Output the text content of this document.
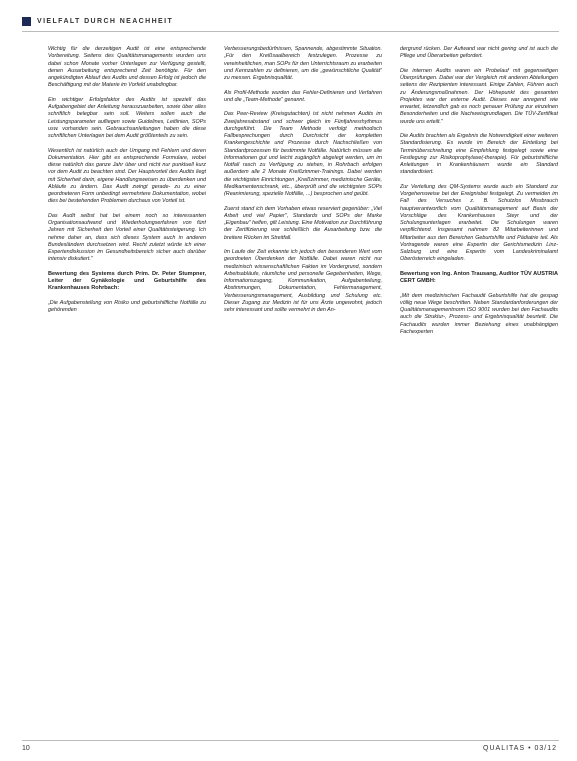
VIELFALT DURCH NEACHHEIT

Wichtig für die derzeitigen Audit ist eine entsprechende Vorbereitung. Seitens des Qualitätsmanagements wurden uns dabei schon Monate vorher Unterlagen zur Verfügung gestellt, denen Ausarbeitung entsprechend Zeit benötigte. Für den angekündigten Ablauf des Audits und dessen Erfolg ist jedoch die Beschäftigung mit der Materie im Vorfeld unabdingbar.

Ein wichtiger Erfolgsfaktor des Audits ist speziell das Aufgabengebiet der Anleitung herauszuarbeiten, sowie über alles schriftlich belegbar sein soll. Weiters sollen auch die Leistungsparameter aufliegen sowie Guidelines, Leitlinien, SOPs usw. vorhanden sein. Gebrauchsanleitungen haben die diese schriftlichen Unterlagen bei dem Audit größtenteils zu sein.

Wesentlich ist natürlich auch der Umgang mit Fehlern und deren Dokumentation. Hier gibt es entsprechende Formulare, wobei diese natürlich das ganze Jahr über und nicht nur punktuell kurz vor dem Audit zu beachten sind. Der Hauptvorteil des Audits liegt mit Sicherheit darin, eigene Handlungsweisen zu überdenken und Abläufe zu ändern. Das Audit zwingt gerade- zu zu einer geordneteren Form unbedingt vermehrtere Dokumentation, wobei dies bei bestehenden Problemen durchaus von Vorteil ist.

Das Audit selbst hat bei einem noch so interessanten Organisationsaufwand und Wiederholungserfahren von fünf Jahren mit Sicherheit den Vorteil einer Qualitätssteigerung. Ich nehme daher an, dass sich dieses System auch in anderen Bundesländern durchsetzen wird. Recht zuletzt würde ich einer Expertendiskussion im Gesundheitsbereich sicher auch darüber intensiv diskutiert."

Bewertung des Systems durch Prim. Dr. Peter Stumpner, Leiter der Gynäkologie und Geburtshilfe des Krankenhauses Rohrbach:

„Die Aufgabenstellung von Risiko und geburtshilfliche Notfälle zu gehörenden

Verbesserungsbedürfnissen, Spannende, abgestimmte Situation. „Für den Kreißsaalbereich festzulegen. Prozesse zu vereinheitlichen, man SOPs für den Unterrichtsraum zu erarbeiten und Kennzahlen zu definieren, um die „gewünschtliche Qualität" zu messen. Ergebnisqualität.

Als Profil-Methode wurden das Fehler-Definieren und Verfahren und die „Team-Methode" genannt.

Das Peer-Review (Kreisgutachten) ist nicht nehmen Audits im Zweijahresabstand und schwer gleich im Fünfjahresrhythmus durchgeführt. Die Team Methode verfolgt methodisch Fallbesprechungen durch Durchsicht der kompletten Krankengeschichte und Prozesse durch Nachschließen von Standardprozessen für bestimmte Notfälle. Natürlich müssen alle Informationen gut und leicht zugänglich abgelegt werden, um im Notfall rasch zu Verfügung zu stehen, in Rohrbach erfolgen außerdem alle 2 Monate Kreißzimmer-Trainings. Dabei werden die wichtigsten Einrichtungen „Kreißzimmer, medizinische Geräte, Medikamentenschrank, etc., überprüft und die wichtigsten SOPs (Reanimierung, spezielle Notfälle, ...) besprochen und geübt.

Zuerst stand ich dem Vorhaben etwas reserviert gegenüber: „Viel Arbeit und viel Papier", Standards und SOPs der Marke „Eigenbau" helfen, gilt Leistung. Eine Motivation zur Durchführung der Zertifizierung war schließlich die Ausarbeitung bzw. die breitere Rücken im Streitfall.

Im Laufe der Zeit erkannte ich jedoch den besonderen Wert vom geordneten Überdenken der Notfälle. Dabei waren nicht nur medizinisch wissenschaftlichen Fakten im Vordergrund, sondern Arbeitsabläufe, räumliche und personelle Gegebenheiten, Wege, Informationszugang, Kommunikation, Aufgabenteilung, Abstimmungen, Dokumentation, Fehlermanagement, Verbesserungsmanagement, Ausbildung und Schulung etc. Dieser Zugang zur Medizin ist für uns Ärzte ungewohnt, jedoch sehr interessant und sollte vermehrt in den An-

dergrund rücken. Der Aufwand war nicht gering und ist auch die Pflege und Überarbeiten gefordert.

Die internen Audits waren ein Probelauf mit gegenseitigen Überprüfungen. Dabei war der Vergleich mit anderen Abteilungen seitens der Rezipienten interessant. Einige Zahlen, Führen auch zu Änderungsmaßnahmen. Der Höhepunkt des gesamten Projektes war der externe Audit. Dieses war anregend wie erwartet, letzendlich gab es noch genauer Prüfung zur einzelnen Besonderheiten und die Nachweisgrundlagen. Die TÜV-Zertifikat wurde uns erteilt."

Die Audits brachten als Ergebnis die Notwendigkeit einer weiteren Standardisierung. Es wurde im Bereich der Einteilung bei Terminüberschreitung eine Empfehlung festgelegt sowie eine Festlegung zur Risikoprophylaxe(-therapie). Für geburtshilfliche Anleitungen in Krankenhäusern wurde ein Standard standardisiert.

Zur Verteilung des QM-Systems wurde auch ein Standard zur Vorgehensweise bei der Ereignisbei festgelegt. Zu vermeiden im Fall des Versuches z. B. Schutzlos Missbrauch hauptverantwortlich vom Qualitätsmanagement auf Basis der Vorschläge des Krankenhauses Steyr und der Schulungsunterlagen erarbeitet. Die Schulungen waren verpflichtend. Insgesamt nahmen 82 Mitarbeiterinnen und Mitarbeiter aus den Bereichen Geburtshilfe und Pädiatrie teil. Als Vortragende waren eine Expertin der Gerichtsmedizin Linz-Salzburg und eine Expertin vom Landeskriminalamt Oberösterreich eingeladen.

Bewertung von Ing. Anton Trausang, Auditor TÜV AUSTRIA CERT GMBH:

„Mit dem medizinischen Fachaudit Geburtshilfe hat die gespag völlig neue Wege beschritten. Neben Standardanforderungen der Qualitätsmanagementnorm ISO 9001 wurden bei den Fachaudits auch die Struktur-, Prozess- und Ergebnisqualität beurteilt. Die Fachaudits wurden immer Beziehung eines unabhängigen Fachexperten

10	QUALITAS • 03/12
